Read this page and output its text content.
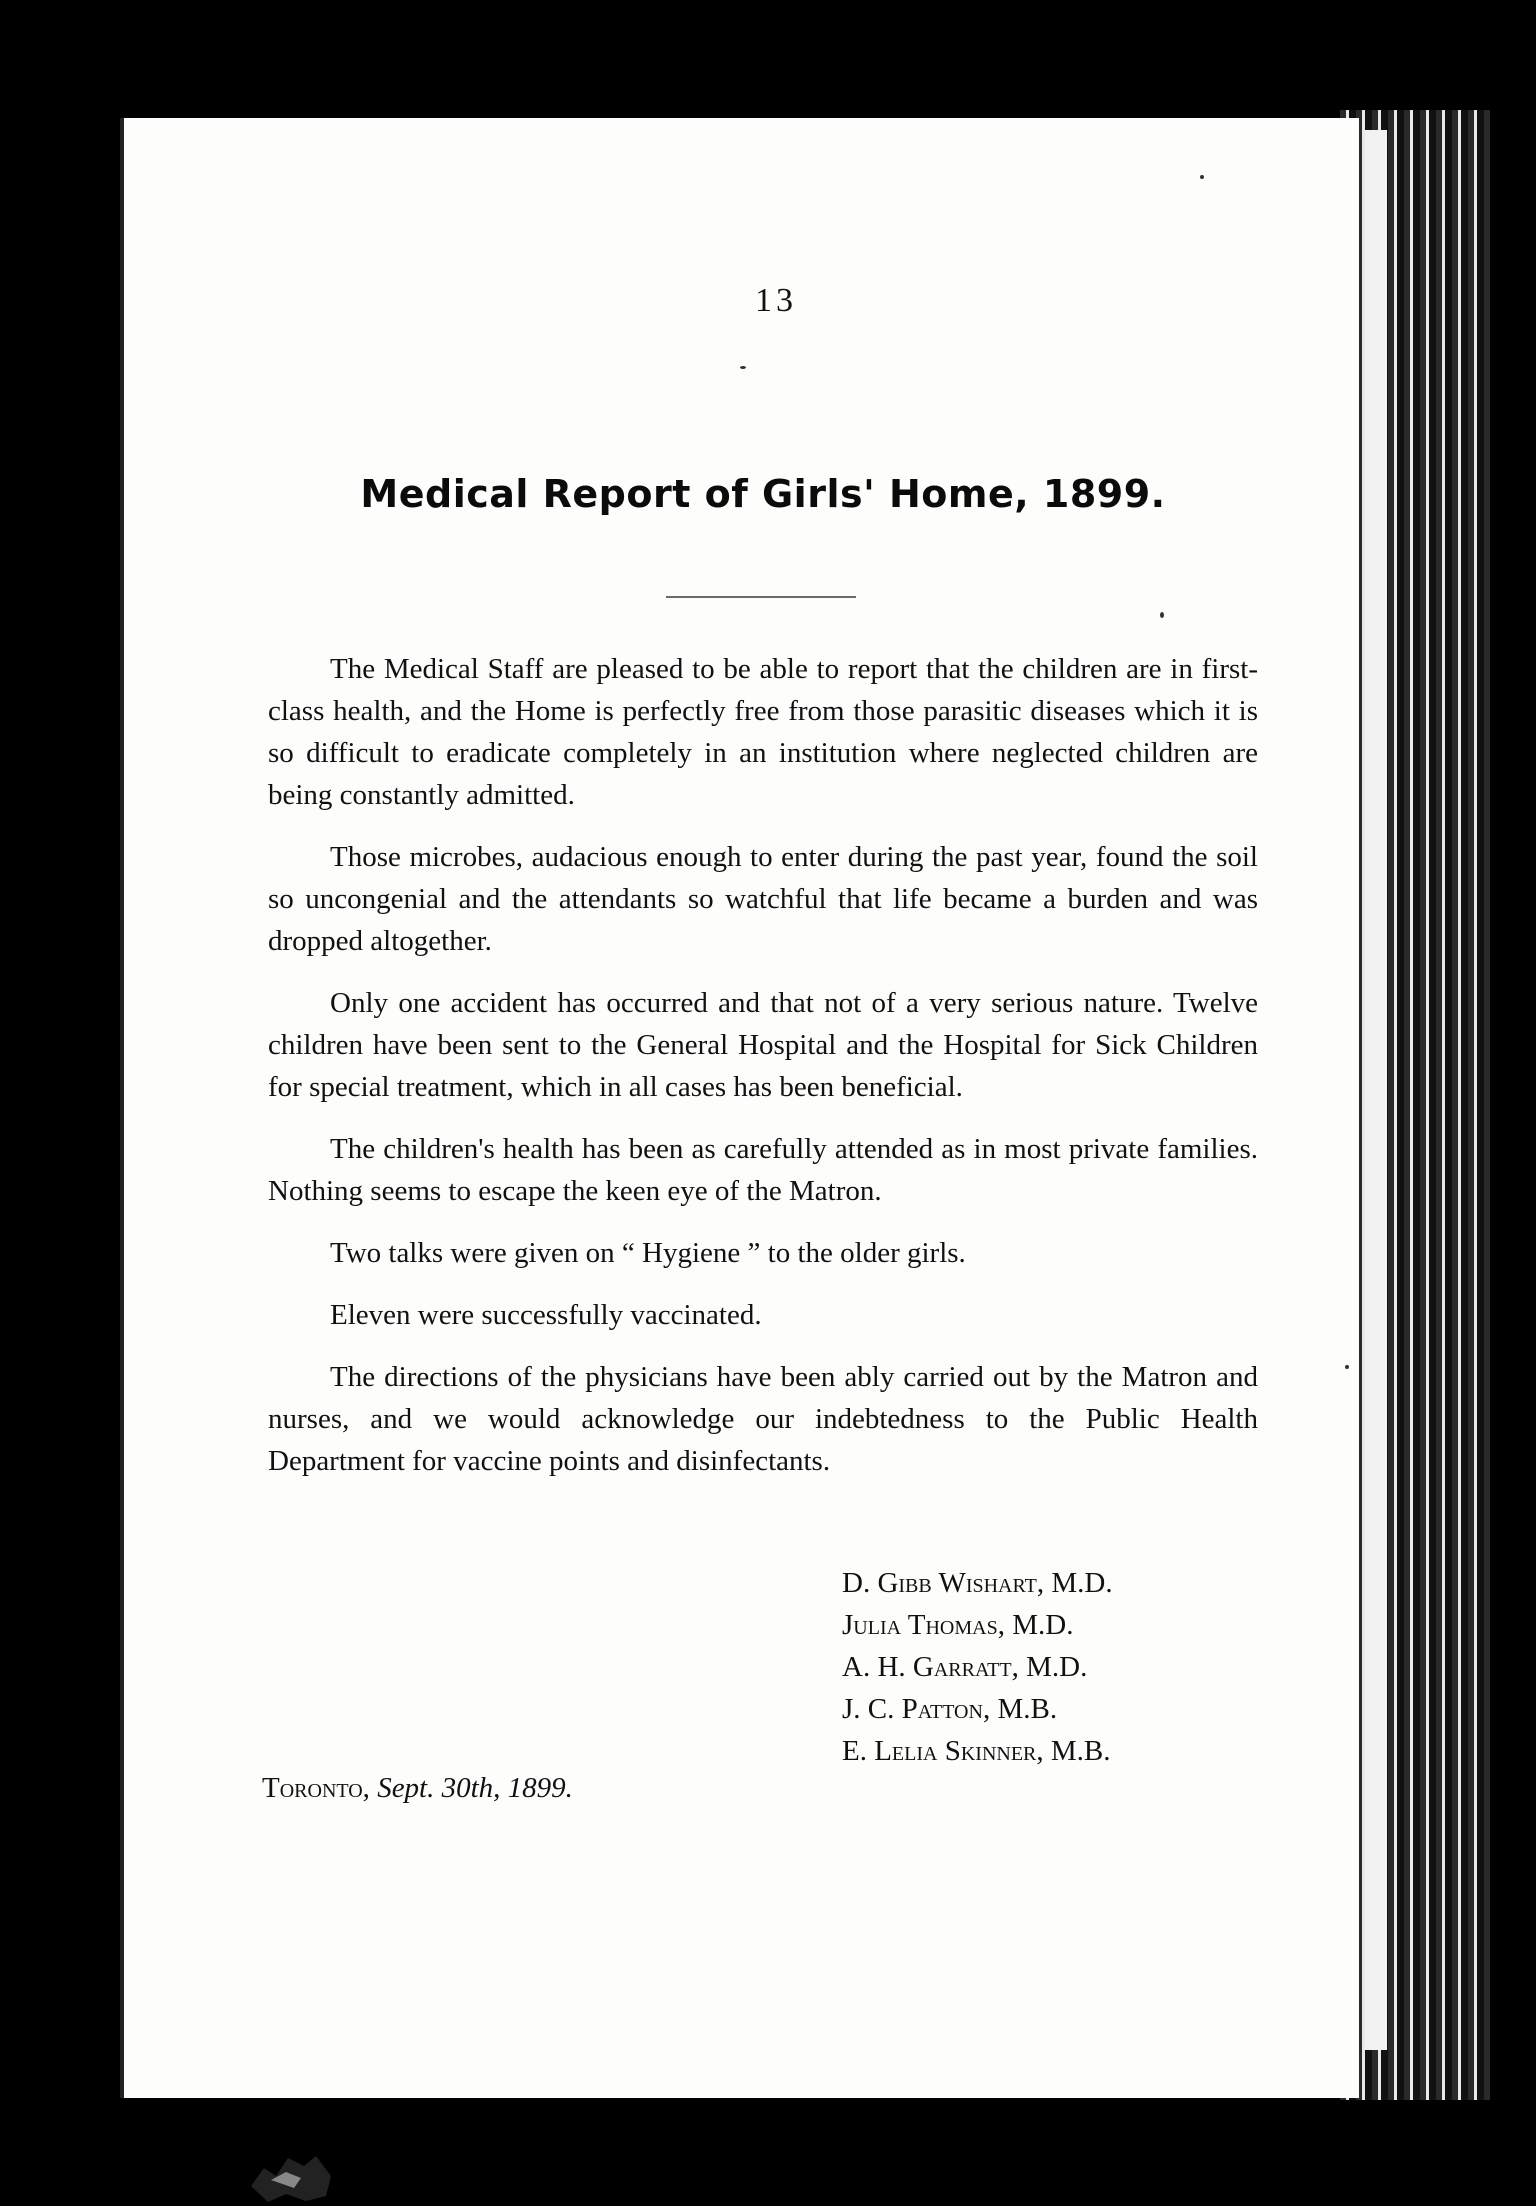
13
Medical Report of Girls' Home, 1899.

The Medical Staff are pleased to be able to report that the children are in first-class health, and the Home is perfectly free from those parasitic diseases which it is so difficult to eradicate completely in an institution where neglected children are being constantly admitted.

Those microbes, audacious enough to enter during the past year, found the soil so uncongenial and the attendants so watchful that life became a burden and was dropped altogether.

Only one accident has occurred and that not of a very serious nature. Twelve children have been sent to the General Hospital and the Hospital for Sick Children for special treatment, which in all cases has been beneficial.

The children's health has been as carefully attended as in most private families. Nothing seems to escape the keen eye of the Matron.

Two talks were given on “ Hygiene ” to the older girls.

Eleven were successfully vaccinated.

The directions of the physicians have been ably carried out by the Matron and nurses, and we would acknowledge our indebtedness to the Public Health Department for vaccine points and disinfectants.

D. Gibb Wishart, M.D.
Julia Thomas, M.D.
A. H. Garratt, M.D.
J. C. Patton, M.B.
E. Lelia Skinner, M.B.
Toronto, Sept. 30th, 1899.
